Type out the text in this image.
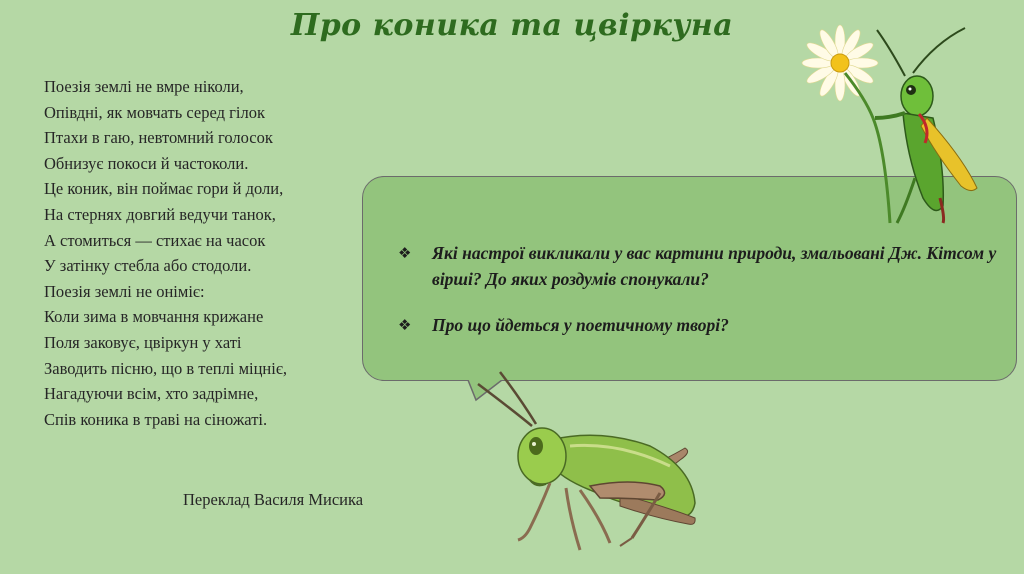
Про коника та цвіркуна
Поезія землі не вмре ніколи,
Опівдні, як мовчать серед гілок
Птахи в гаю, невтомний голосок
Обнизує покоси й частоколи.
Це коник, він поймає гори й доли,
На стернях довгий ведучи танок,
А стомиться — стихає на часок
У затінку стебла або стодоли.
Поезія землі не оніміє:
Коли зима в мовчання крижане
Поля заковує, цвіркун у хаті
Заводить пісню, що в теплі міцніє,
Нагадуючи всім, хто задрімне,
Спів коника в траві на сіножаті.
Переклад Василя Мисика
❖ Які настрої викликали у вас картини природи, змальовані Дж. Кітсом у вірші? До яких роздумів спонукали?
❖ Про що йдеться у поетичному творі?
